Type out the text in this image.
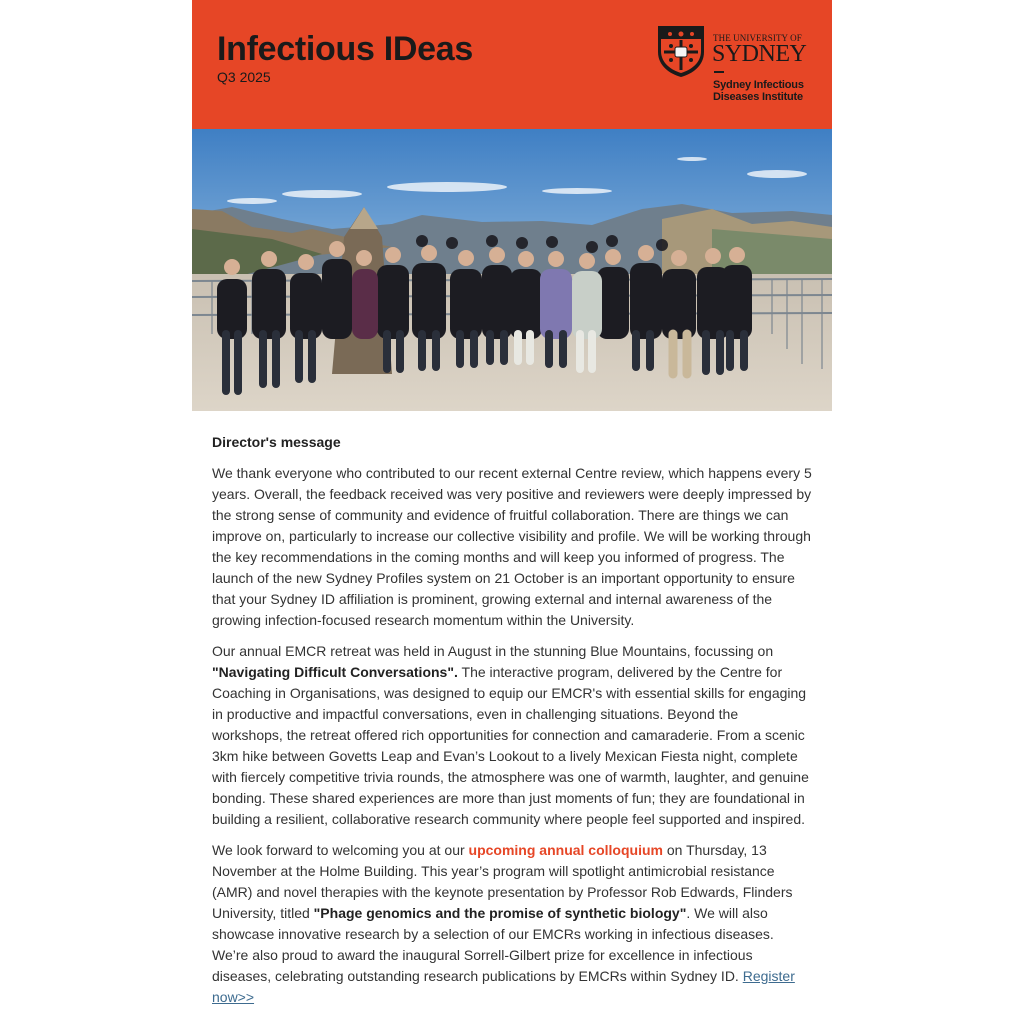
Infectious IDeas
Q3 2025
THE UNIVERSITY OF
SYDNEY
Sydney Infectious
Diseases Institute
Director's message

We thank everyone who contributed to our recent external Centre review, which happens every 5 years. Overall, the feedback received was very positive and reviewers were deeply impressed by the strong sense of community and evidence of fruitful collaboration. There are things we can improve on, particularly to increase our collective visibility and profile. We will be working through the key recommendations in the coming months and will keep you informed of progress. The launch of the new Sydney Profiles system on 21 October is an important opportunity to ensure that your Sydney ID affiliation is prominent, growing external and internal awareness of the growing infection-focused research momentum within the University.

Our annual EMCR retreat was held in August in the stunning Blue Mountains, focussing on "Navigating Difficult Conversations". The interactive program, delivered by the Centre for Coaching in Organisations, was designed to equip our EMCR's with essential skills for engaging in productive and impactful conversations, even in challenging situations. Beyond the workshops, the retreat offered rich opportunities for connection and camaraderie. From a scenic 3km hike between Govetts Leap and Evan’s Lookout to a lively Mexican Fiesta night, complete with fiercely competitive trivia rounds, the atmosphere was one of warmth, laughter, and genuine bonding. These shared experiences are more than just moments of fun; they are foundational in building a resilient, collaborative research community where people feel supported and inspired.

We look forward to welcoming you at our upcoming annual colloquium on Thursday, 13 November at the Holme Building. This year’s program will spotlight antimicrobial resistance (AMR) and novel therapies with the keynote presentation by Professor Rob Edwards, Flinders University, titled "Phage genomics and the promise of synthetic biology". We will also showcase innovative research by a selection of our EMCRs working in infectious diseases. We’re also proud to award the inaugural Sorrell-Gilbert prize for excellence in infectious diseases, celebrating outstanding research publications by EMCRs within Sydney ID. Register now>>
